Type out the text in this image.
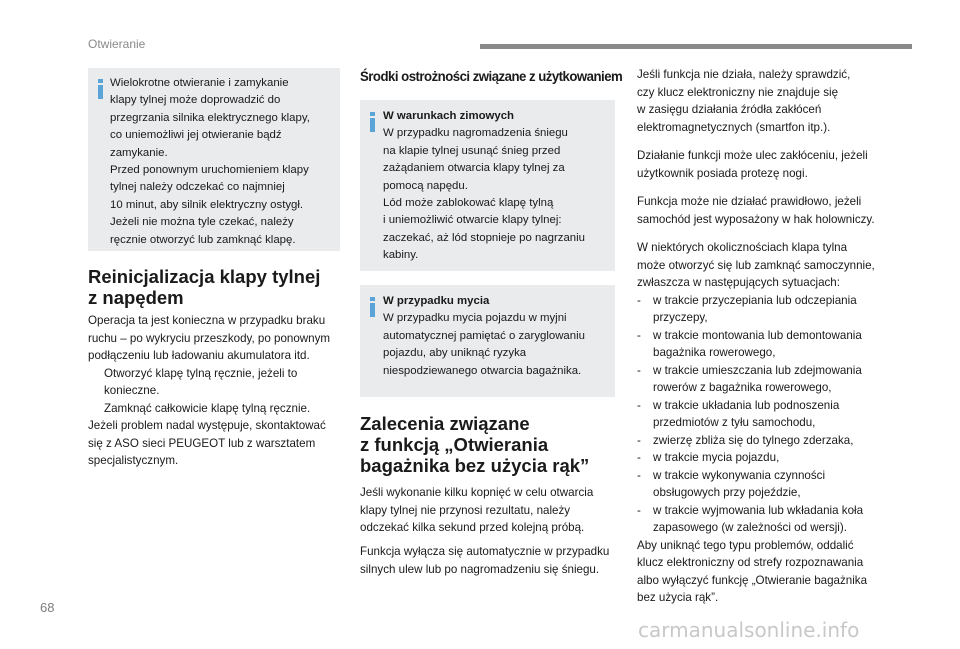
Otwieranie
Wielokrotne otwieranie i zamykanie
klapy tylnej może doprowadzić do
przegrzania silnika elektrycznego klapy,
co uniemożliwi jej otwieranie bądź
zamykanie.
Przed ponownym uruchomieniem klapy
tylnej należy odczekać co najmniej
10 minut, aby silnik elektryczny ostygł.
Jeżeli nie można tyle czekać, należy
ręcznie otworzyć lub zamknąć klapę.
Reinicjalizacja klapy tylnej
z napędem
Operacja ta jest konieczna w przypadku braku
ruchu – po wykryciu przeszkody, po ponownym
podłączeniu lub ładowaniu akumulatora itd.
Otworzyć klapę tylną ręcznie, jeżeli to
konieczne.
Zamknąć całkowicie klapę tylną ręcznie.
Jeżeli problem nadal występuje, skontaktować
się z ASO sieci PEUGEOT lub z warsztatem
specjalistycznym.
Środki ostrożności związane z użytkowaniem

W warunkach zimowych

W przypadku nagromadzenia śniegu
na klapie tylnej usunąć śnieg przed
zażądaniem otwarcia klapy tylnej za
pomocą napędu.
Lód może zablokować klapę tylną
i uniemożliwić otwarcie klapy tylnej:
zaczekać, aż lód stopnieje po nagrzaniu
kabiny.

W przypadku mycia

W przypadku mycia pojazdu w myjni
automatycznej pamiętać o zaryglowaniu
pojazdu, aby uniknąć ryzyka
niespodziewanego otwarcia bagażnika.
Zalecenia związane
z funkcją „Otwierania
bagażnika bez użycia rąk”
Jeśli wykonanie kilku kopnięć w celu otwarcia
klapy tylnej nie przynosi rezultatu, należy
odczekać kilka sekund przed kolejną próbą.
Funkcja wyłącza się automatycznie w przypadku
silnych ulew lub po nagromadzeniu się śniegu.
Jeśli funkcja nie działa, należy sprawdzić,
czy klucz elektroniczny nie znajduje się
w zasięgu działania źródła zakłóceń
elektromagnetycznych (smartfon itp.).
Działanie funkcji może ulec zakłóceniu, jeżeli
użytkownik posiada protezę nogi.
Funkcja może nie działać prawidłowo, jeżeli
samochód jest wyposażony w hak holowniczy.
W niektórych okolicznościach klapa tylna
może otworzyć się lub zamknąć samoczynnie,
zwłaszcza w następujących sytuacjach:
-	w trakcie przyczepiania lub odczepiania
przyczepy,
-	w trakcie montowania lub demontowania
bagażnika rowerowego,
-	w trakcie umieszczania lub zdejmowania
rowerów z bagażnika rowerowego,
-	w trakcie układania lub podnoszenia
przedmiotów z tyłu samochodu,
-	zwierzę zbliża się do tylnego zderzaka,
-	w trakcie mycia pojazdu,
-	w trakcie wykonywania czynności
obsługowych przy pojeździe,
-	w trakcie wyjmowania lub wkładania koła
zapasowego (w zależności od wersji).
Aby uniknąć tego typu problemów, oddalić
klucz elektroniczny od strefy rozpoznawania
albo wyłączyć funkcję „Otwieranie bagażnika
bez użycia rąk”.
68
carmanualsonline.info
